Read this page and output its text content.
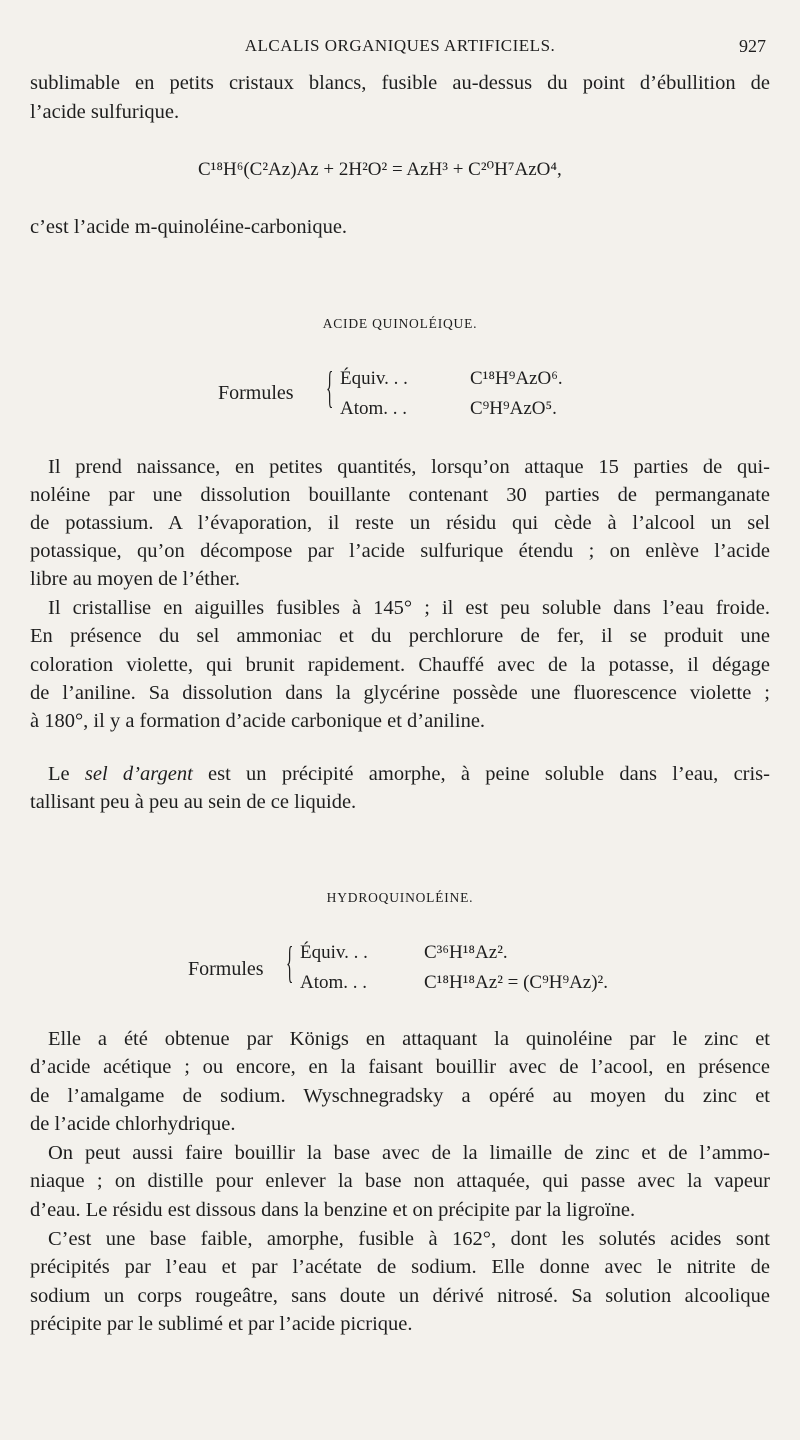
ALCALIS ORGANIQUES ARTIFICIELS.	927
sublimable en petits cristaux blancs, fusible au-dessus du point d’ébullition de
l’acide sulfurique.
C¹⁸H⁶(C²Az)Az + 2H²O² = AzH³ + C²⁰H⁷AzO⁴,
c’est l’acide m-quinoléine-carbonique.
ACIDE QUINOLÉIQUE.
Formules { Équiv. . .	C¹⁸H⁹AzO⁶.
Atom. . .	C⁹H⁹AzO⁵.
Il prend naissance, en petites quantités, lorsqu’on attaque 15 parties de qui-
noléine par une dissolution bouillante contenant 30 parties de permanganate
de potassium. A l’évaporation, il reste un résidu qui cède à l’alcool un sel
potassique, qu’on décompose par l’acide sulfurique étendu ; on enlève l’acide
libre au moyen de l’éther.
Il cristallise en aiguilles fusibles à 145° ; il est peu soluble dans l’eau froide.
En présence du sel ammoniac et du perchlorure de fer, il se produit une
coloration violette, qui brunit rapidement. Chauffé avec de la potasse, il dégage
de l’aniline. Sa dissolution dans la glycérine possède une fluorescence violette ;
à 180°, il y a formation d’acide carbonique et d’aniline.
Le sel d’argent est un précipité amorphe, à peine soluble dans l’eau, cris-
tallisant peu à peu au sein de ce liquide.
HYDROQUINOLÉINE.
Formules { Équiv. . .	C³⁶H¹⁸Az².
Atom. . .	C¹⁸H¹⁸Az² = (C⁹H⁹Az)².
Elle a été obtenue par Königs en attaquant la quinoléine par le zinc et
d’acide acétique ; ou encore, en la faisant bouillir avec de l’acool, en présence
de l’amalgame de sodium. Wyschnegradsky a opéré au moyen du zinc et
de l’acide chlorhydrique.
On peut aussi faire bouillir la base avec de la limaille de zinc et de l’ammo-
niaque ; on distille pour enlever la base non attaquée, qui passe avec la vapeur
d’eau. Le résidu est dissous dans la benzine et on précipite par la ligroïne.
C’est une base faible, amorphe, fusible à 162°, dont les solutés acides sont
précipités par l’eau et par l’acétate de sodium. Elle donne avec le nitrite de
sodium un corps rougeâtre, sans doute un dérivé nitrosé. Sa solution alcoolique
précipite par le sublimé et par l’acide picrique.
